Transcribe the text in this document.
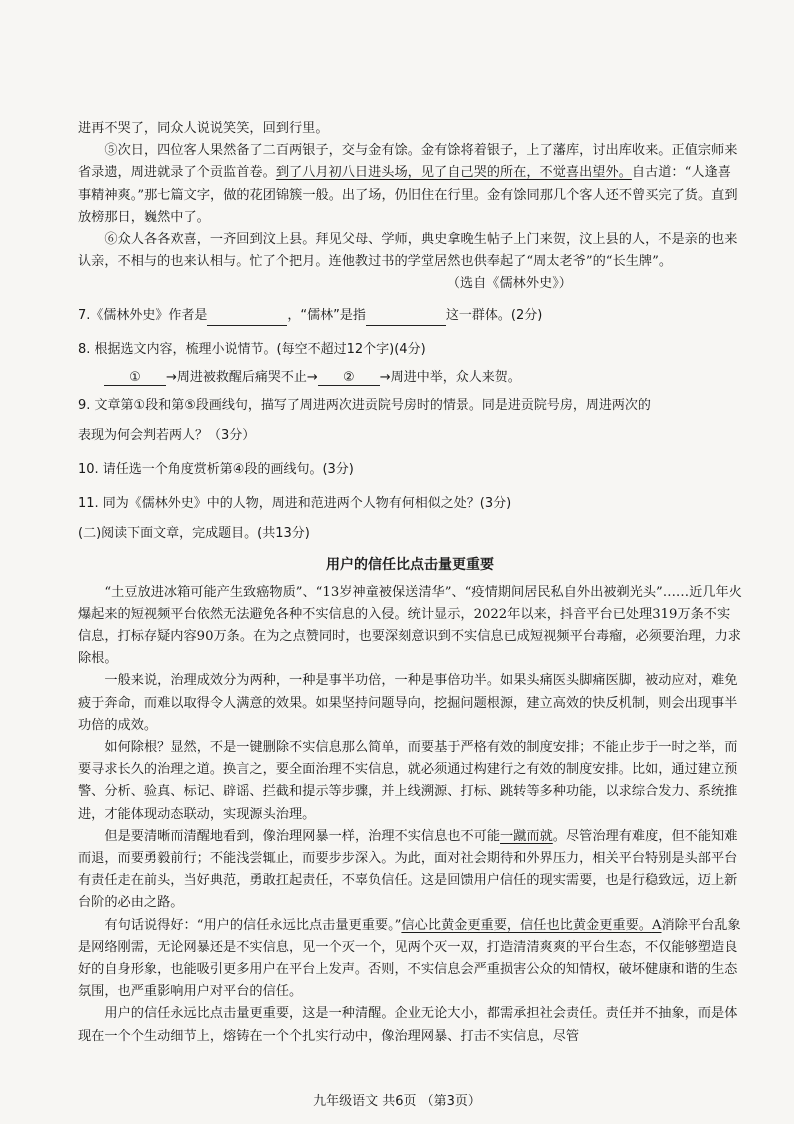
进再不哭了，同众人说说笑笑，回到行里。

⑤次日，四位客人果然备了二百两银子，交与金有馀。金有馀将着银子，上了藩库，讨出库收来。正值宗师来省录遗，周进就录了个贡监首卷。到了八月初八日进头场，见了自己哭的所在，不觉喜出望外。自古道：“人逢喜事精神爽。”那七篇文字，做的花团锦簇一般。出了场，仍旧住在行里。金有馀同那几个客人还不曾买完了货。直到放榜那日，巍然中了。

⑥众人各各欢喜，一齐回到汶上县。拜见父母、学师，典史拿晚生帖子上门来贺，汶上县的人，不是亲的也来认亲，不相与的也来认相与。忙了个把月。连他教过书的学堂居然也供奉起了“周太老爷”的“长生牌”。

（选自《儒林外史》）

7.《儒林外史》作者是	，“儒林”是指	这一群体。(2分)

8. 根据选文内容，梳理小说情节。(每空不超过12个字)(4分)

① →周进被救醒后痛哭不止→ ② →周进中举，众人来贺。

9. 文章第①段和第⑤段画线句，描写了周进两次进贡院号房时的情景。同是进贡院号房，周进两次的

表现为何会判若两人？（3分）

10. 请任选一个角度赏析第④段的画线句。(3分)

11. 同为《儒林外史》中的人物，周进和范进两个人物有何相似之处？(3分)

(二)阅读下面文章，完成题目。(共13分)

用户的信任比点击量更重要

“土豆放进冰箱可能产生致癌物质”、“13岁神童被保送清华”、“疫情期间居民私自外出被剃光头”……近几年火爆起来的短视频平台依然无法避免各种不实信息的入侵。统计显示，2022年以来，抖音平台已处理319万条不实信息，打标存疑内容90万条。在为之点赞同时，也要深刻意识到不实信息已成短视频平台毒瘤，必须要治理，力求除根。

一般来说，治理成效分为两种，一种是事半功倍，一种是事倍功半。如果头痛医头脚痛医脚，被动应对，难免疲于奔命，而难以取得令人满意的效果。如果坚持问题导向，挖掘问题根源，建立高效的快反机制，则会出现事半功倍的成效。

如何除根？显然，不是一键删除不实信息那么简单，而要基于严格有效的制度安排；不能止步于一时之举，而要寻求长久的治理之道。换言之，要全面治理不实信息，就必须通过构建行之有效的制度安排。比如，通过建立预警、分析、验真、标记、辟谣、拦截和提示等步骤，并上线溯源、打标、跳转等多种功能，以求综合发力、系统推进，才能体现动态联动，实现源头治理。

但是要清晰而清醒地看到，像治理网暴一样，治理不实信息也不可能一蹴而就。尽管治理有难度，但不能知难而退，而要勇毅前行；不能浅尝辄止，而要步步深入。为此，面对社会期待和外界压力，相关平台特别是头部平台有责任走在前头，当好典范，勇敢扛起责任，不辜负信任。这是回馈用户信任的现实需要，也是行稳致远，迈上新台阶的必由之路。

有句话说得好：“用户的信任永远比点击量更重要。”信心比黄金更重要，信任也比黄金更重要。A消除平台乱象是网络刚需，无论网暴还是不实信息，见一个灭一个，见两个灭一双，打造清清爽爽的平台生态，不仅能够塑造良好的自身形象，也能吸引更多用户在平台上发声。否则，不实信息会严重损害公众的知情权，破坏健康和谐的生态氛围，也严重影响用户对平台的信任。

用户的信任永远比点击量更重要，这是一种清醒。企业无论大小，都需承担社会责任。责任并不抽象，而是体现在一个个生动细节上，熔铸在一个个扎实行动中，像治理网暴、打击不实信息，尽管

九年级语文 共6页 （第3页）
